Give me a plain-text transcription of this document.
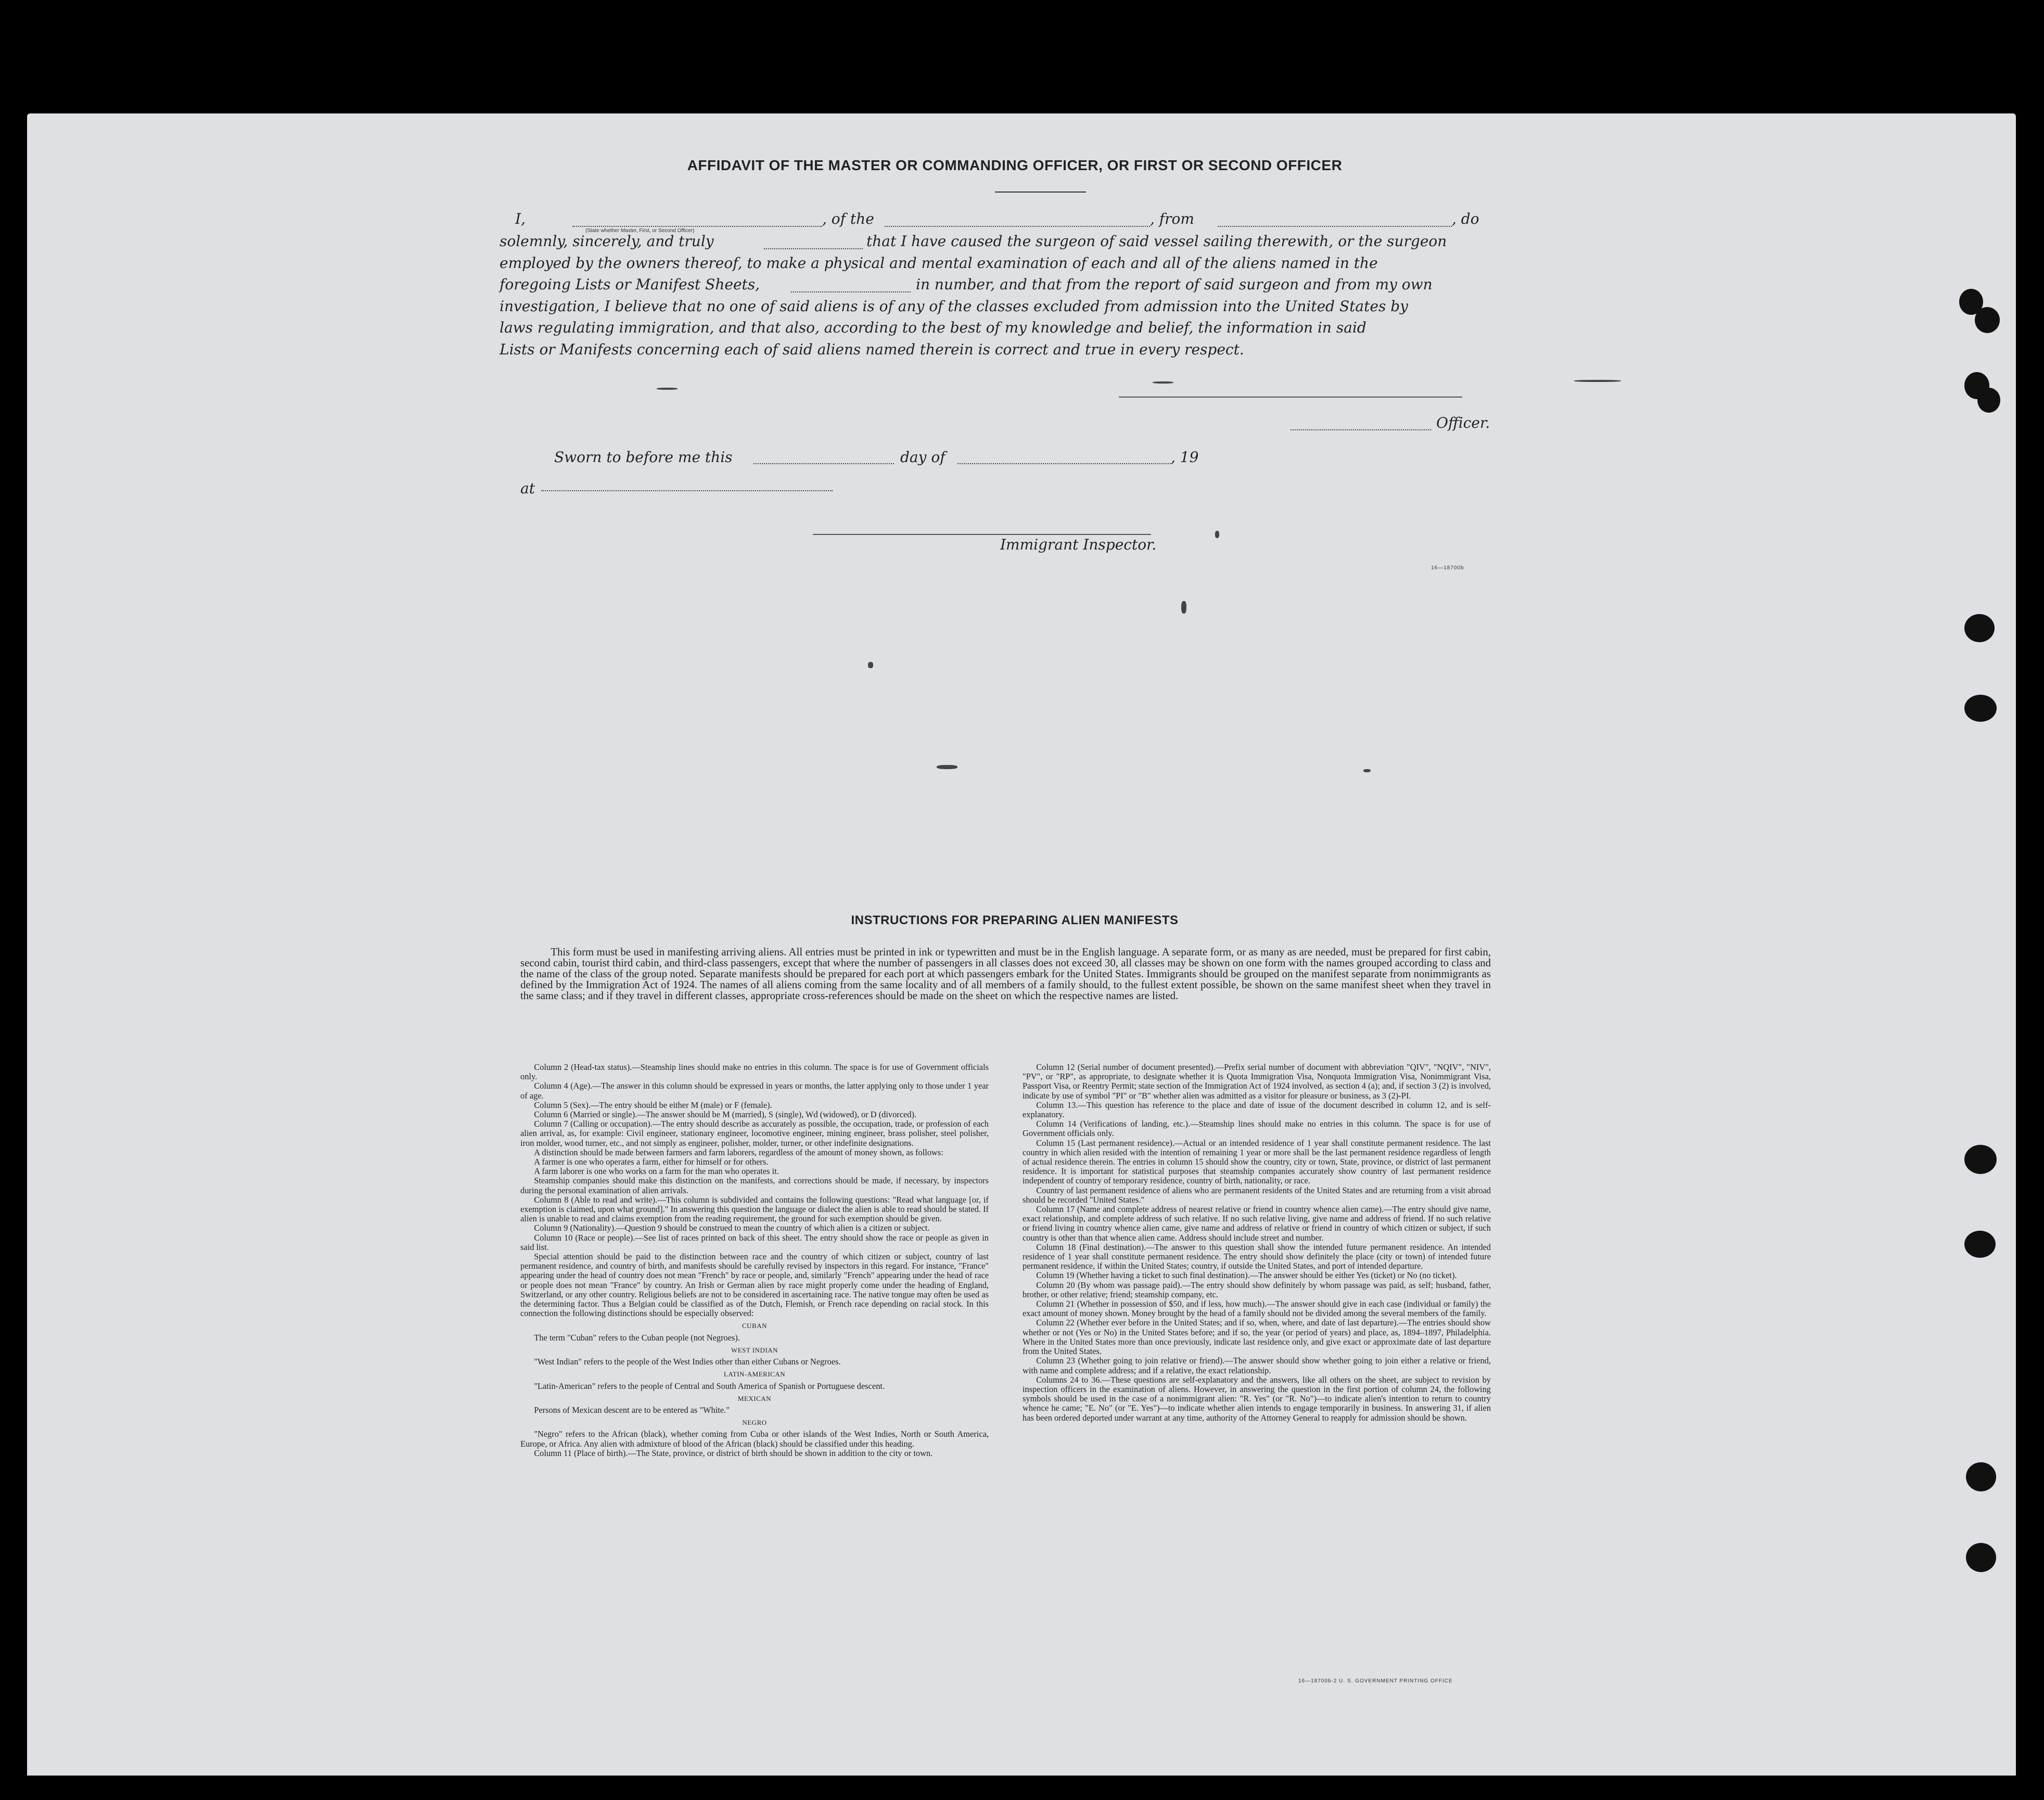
AFFIDAVIT OF THE MASTER OR COMMANDING OFFICER, OR FIRST OR SECOND OFFICER
I,
(State whether Master, First, or Second Officer)
, of the	, from	, do
solemnly, sincerely, and truly	that I have caused the surgeon of said vessel sailing therewith, or the surgeon
employed by the owners thereof, to make a physical and mental examination of each and all of the aliens named in the
foregoing Lists or Manifest Sheets,	in number, and that from the report of said surgeon and from my own
investigation, I believe that no one of said aliens is of any of the classes excluded from admission into the United States by
laws regulating immigration, and that also, according to the best of my knowledge and belief, the information in said
Lists or Manifests concerning each of said aliens named therein is correct and true in every respect.
Officer.
Sworn to before me this	day of	, 19
at
Immigrant Inspector.
16—18700b
INSTRUCTIONS FOR PREPARING ALIEN MANIFESTS
This form must be used in manifesting arriving aliens. All entries must be printed in ink or typewritten and must be in the English language. A separate form, or as many as are needed, must be prepared for first cabin, second cabin, tourist third cabin, and third-class passengers, except that where the number of passengers in all classes does not exceed 30, all classes may be shown on one form with the names grouped according to class and the name of the class of the group noted. Separate manifests should be prepared for each port at which passengers embark for the United States. Immigrants should be grouped on the manifest separate from nonimmigrants as defined by the Immigration Act of 1924. The names of all aliens coming from the same locality and of all members of a family should, to the fullest extent possible, be shown on the same manifest sheet when they travel in the same class; and if they travel in different classes, appropriate cross-references should be made on the sheet on which the respective names are listed.

Column 2 (Head-tax status).—Steamship lines should make no entries in this column. The space is for use of Government officials only.

Column 4 (Age).—The answer in this column should be expressed in years or months, the latter applying only to those under 1 year of age.

Column 5 (Sex).—The entry should be either M (male) or F (female).

Column 6 (Married or single).—The answer should be M (married), S (single), Wd (widowed), or D (divorced).

Column 7 (Calling or occupation).—The entry should describe as accurately as possible, the occupation, trade, or profession of each alien arrival, as, for example: Civil engineer, stationary engineer, locomotive engineer, mining engineer, brass polisher, steel polisher, iron molder, wood turner, etc., and not simply as engineer, polisher, molder, turner, or other indefinite designations.

A distinction should be made between farmers and farm laborers, regardless of the amount of money shown, as follows:

A farmer is one who operates a farm, either for himself or for others.

A farm laborer is one who works on a farm for the man who operates it.

Steamship companies should make this distinction on the manifests, and corrections should be made, if necessary, by inspectors during the personal examination of alien arrivals.

Column 8 (Able to read and write).—This column is subdivided and contains the following questions: "Read what language [or, if exemption is claimed, upon what ground]." In answering this question the language or dialect the alien is able to read should be stated. If alien is unable to read and claims exemption from the reading requirement, the ground for such exemption should be given.

Column 9 (Nationality).—Question 9 should be construed to mean the country of which alien is a citizen or subject.

Column 10 (Race or people).—See list of races printed on back of this sheet. The entry should show the race or people as given in said list.

Special attention should be paid to the distinction between race and the country of which citizen or subject, country of last permanent residence, and country of birth, and manifests should be carefully revised by inspectors in this regard. For instance, "France" appearing under the head of country does not mean "French" by race or people, and, similarly "French" appearing under the head of race or people does not mean "France" by country. An Irish or German alien by race might properly come under the heading of England, Switzerland, or any other country. Religious beliefs are not to be considered in ascertaining race. The native tongue may often be used as the determining factor. Thus a Belgian could be classified as of the Dutch, Flemish, or French race depending on racial stock. In this connection the following distinctions should be especially observed:

CUBAN

The term "Cuban" refers to the Cuban people (not Negroes).

WEST INDIAN

"West Indian" refers to the people of the West Indies other than either Cubans or Negroes.

LATIN-AMERICAN

"Latin-American" refers to the people of Central and South America of Spanish or Portuguese descent.

MEXICAN

Persons of Mexican descent are to be entered as "White."

NEGRO

"Negro" refers to the African (black), whether coming from Cuba or other islands of the West Indies, North or South America, Europe, or Africa. Any alien with admixture of blood of the African (black) should be classified under this heading.

Column 11 (Place of birth).—The State, province, or district of birth should be shown in addition to the city or town.

Column 12 (Serial number of document presented).—Prefix serial number of document with abbreviation "QIV", "NQIV", "NIV", "PV", or "RP", as appropriate, to designate whether it is Quota Immigration Visa, Nonquota Immigration Visa, Nonimmigrant Visa, Passport Visa, or Reentry Permit; state section of the Immigration Act of 1924 involved, as section 4 (a); and, if section 3 (2) is involved, indicate by use of symbol "PI" or "B" whether alien was admitted as a visitor for pleasure or business, as 3 (2)-PI.

Column 13.—This question has reference to the place and date of issue of the document described in column 12, and is self-explanatory.

Column 14 (Verifications of landing, etc.).—Steamship lines should make no entries in this column. The space is for use of Government officials only.

Column 15 (Last permanent residence).—Actual or an intended residence of 1 year shall constitute permanent residence. The last country in which alien resided with the intention of remaining 1 year or more shall be the last permanent residence regardless of length of actual residence therein. The entries in column 15 should show the country, city or town, State, province, or district of last permanent residence. It is important for statistical purposes that steamship companies accurately show country of last permanent residence independent of country of temporary residence, country of birth, nationality, or race.

Country of last permanent residence of aliens who are permanent residents of the United States and are returning from a visit abroad should be recorded "United States."

Column 17 (Name and complete address of nearest relative or friend in country whence alien came).—The entry should give name, exact relationship, and complete address of such relative. If no such relative living, give name and address of friend. If no such relative or friend living in country whence alien came, give name and address of relative or friend in country of which citizen or subject, if such country is other than that whence alien came. Address should include street and number.

Column 18 (Final destination).—The answer to this question shall show the intended future permanent residence. An intended residence of 1 year shall constitute permanent residence. The entry should show definitely the place (city or town) of intended future permanent residence, if within the United States; country, if outside the United States, and port of intended departure.

Column 19 (Whether having a ticket to such final destination).—The answer should be either Yes (ticket) or No (no ticket).

Column 20 (By whom was passage paid).—The entry should show definitely by whom passage was paid, as self; husband, father, brother, or other relative; friend; steamship company, etc.

Column 21 (Whether in possession of $50, and if less, how much).—The answer should give in each case (individual or family) the exact amount of money shown. Money brought by the head of a family should not be divided among the several members of the family.

Column 22 (Whether ever before in the United States; and if so, when, where, and date of last departure).—The entries should show whether or not (Yes or No) in the United States before; and if so, the year (or period of years) and place, as, 1894–1897, Philadelphia. Where in the United States more than once previously, indicate last residence only, and give exact or approximate date of last departure from the United States.

Column 23 (Whether going to join relative or friend).—The answer should show whether going to join either a relative or friend, with name and complete address; and if a relative, the exact relationship.

Columns 24 to 36.—These questions are self-explanatory and the answers, like all others on the sheet, are subject to revision by inspection officers in the examination of aliens. However, in answering the question in the first portion of column 24, the following symbols should be used in the case of a nonimmigrant alien: "R. Yes" (or "R. No")—to indicate alien's intention to return to country whence he came; "E. No" (or "E. Yes")—to indicate whether alien intends to engage temporarily in business. In answering 31, if alien has been ordered deported under warrant at any time, authority of the Attorney General to reapply for admission should be shown.

16—18700b-2 U. S. GOVERNMENT PRINTING OFFICE
